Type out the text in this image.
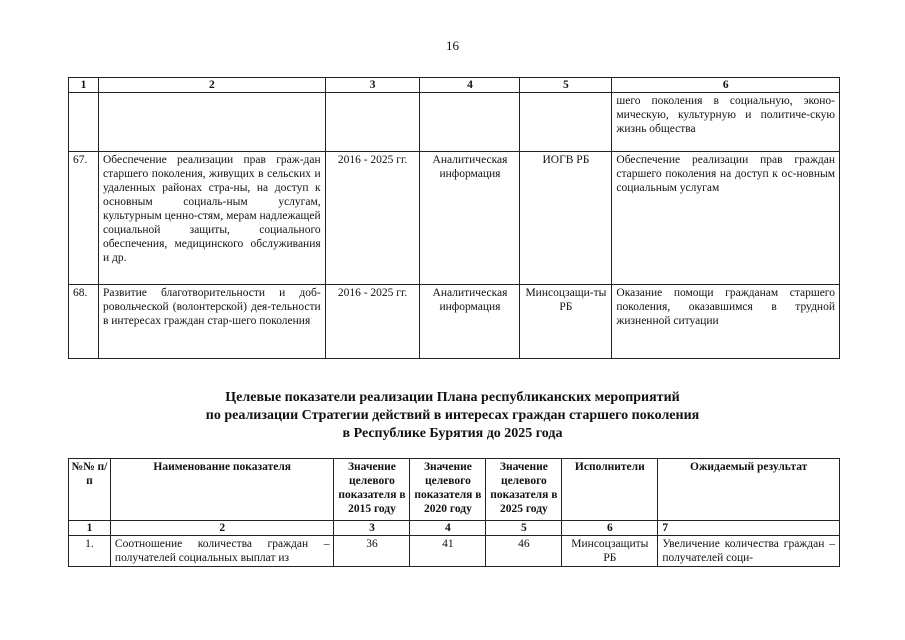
16
1	2	3	4	5	6
					шего поколения в социальную, эконо-мическую, культурную и политиче-скую жизнь общества
67.	Обеспечение реализации прав граж-дан старшего поколения, живущих в сельских и удаленных районах стра-ны, на доступ к основным социаль-ным услугам, культурным ценно-стям, мерам надлежащей социальной защиты, социального обеспечения, медицинского обслуживания и др.	2016 - 2025 гг.	Аналитическая информация	ИОГВ РБ	Обеспечение реализации прав граждан старшего поколения на доступ к ос-новным социальным услугам
68.	Развитие благотворительности и доб-ровольческой (волонтерской) дея-тельности в интересах граждан стар-шего поколения	2016 - 2025 гг.	Аналитическая информация	Минсоцзащи-ты РБ	Оказание помощи гражданам старшего поколения, оказавшимся в трудной жизненной ситуации
Целевые показатели реализации Плана республиканских мероприятий
по реализации Стратегии действий в интересах граждан старшего поколения
в Республике Бурятия до 2025 года
№№ п/п	Наименование показателя	Значение целевого показателя в 2015 году	Значение целевого показателя в 2020 году	Значение целевого показателя в 2025 году	Исполнители	Ожидаемый результат
1	2	3	4	5	6	7
1.	Соотношение количества граждан – получателей социальных выплат из	36	41	46	Минсоцзащиты РБ	Увеличение количества граждан – получателей соци-
